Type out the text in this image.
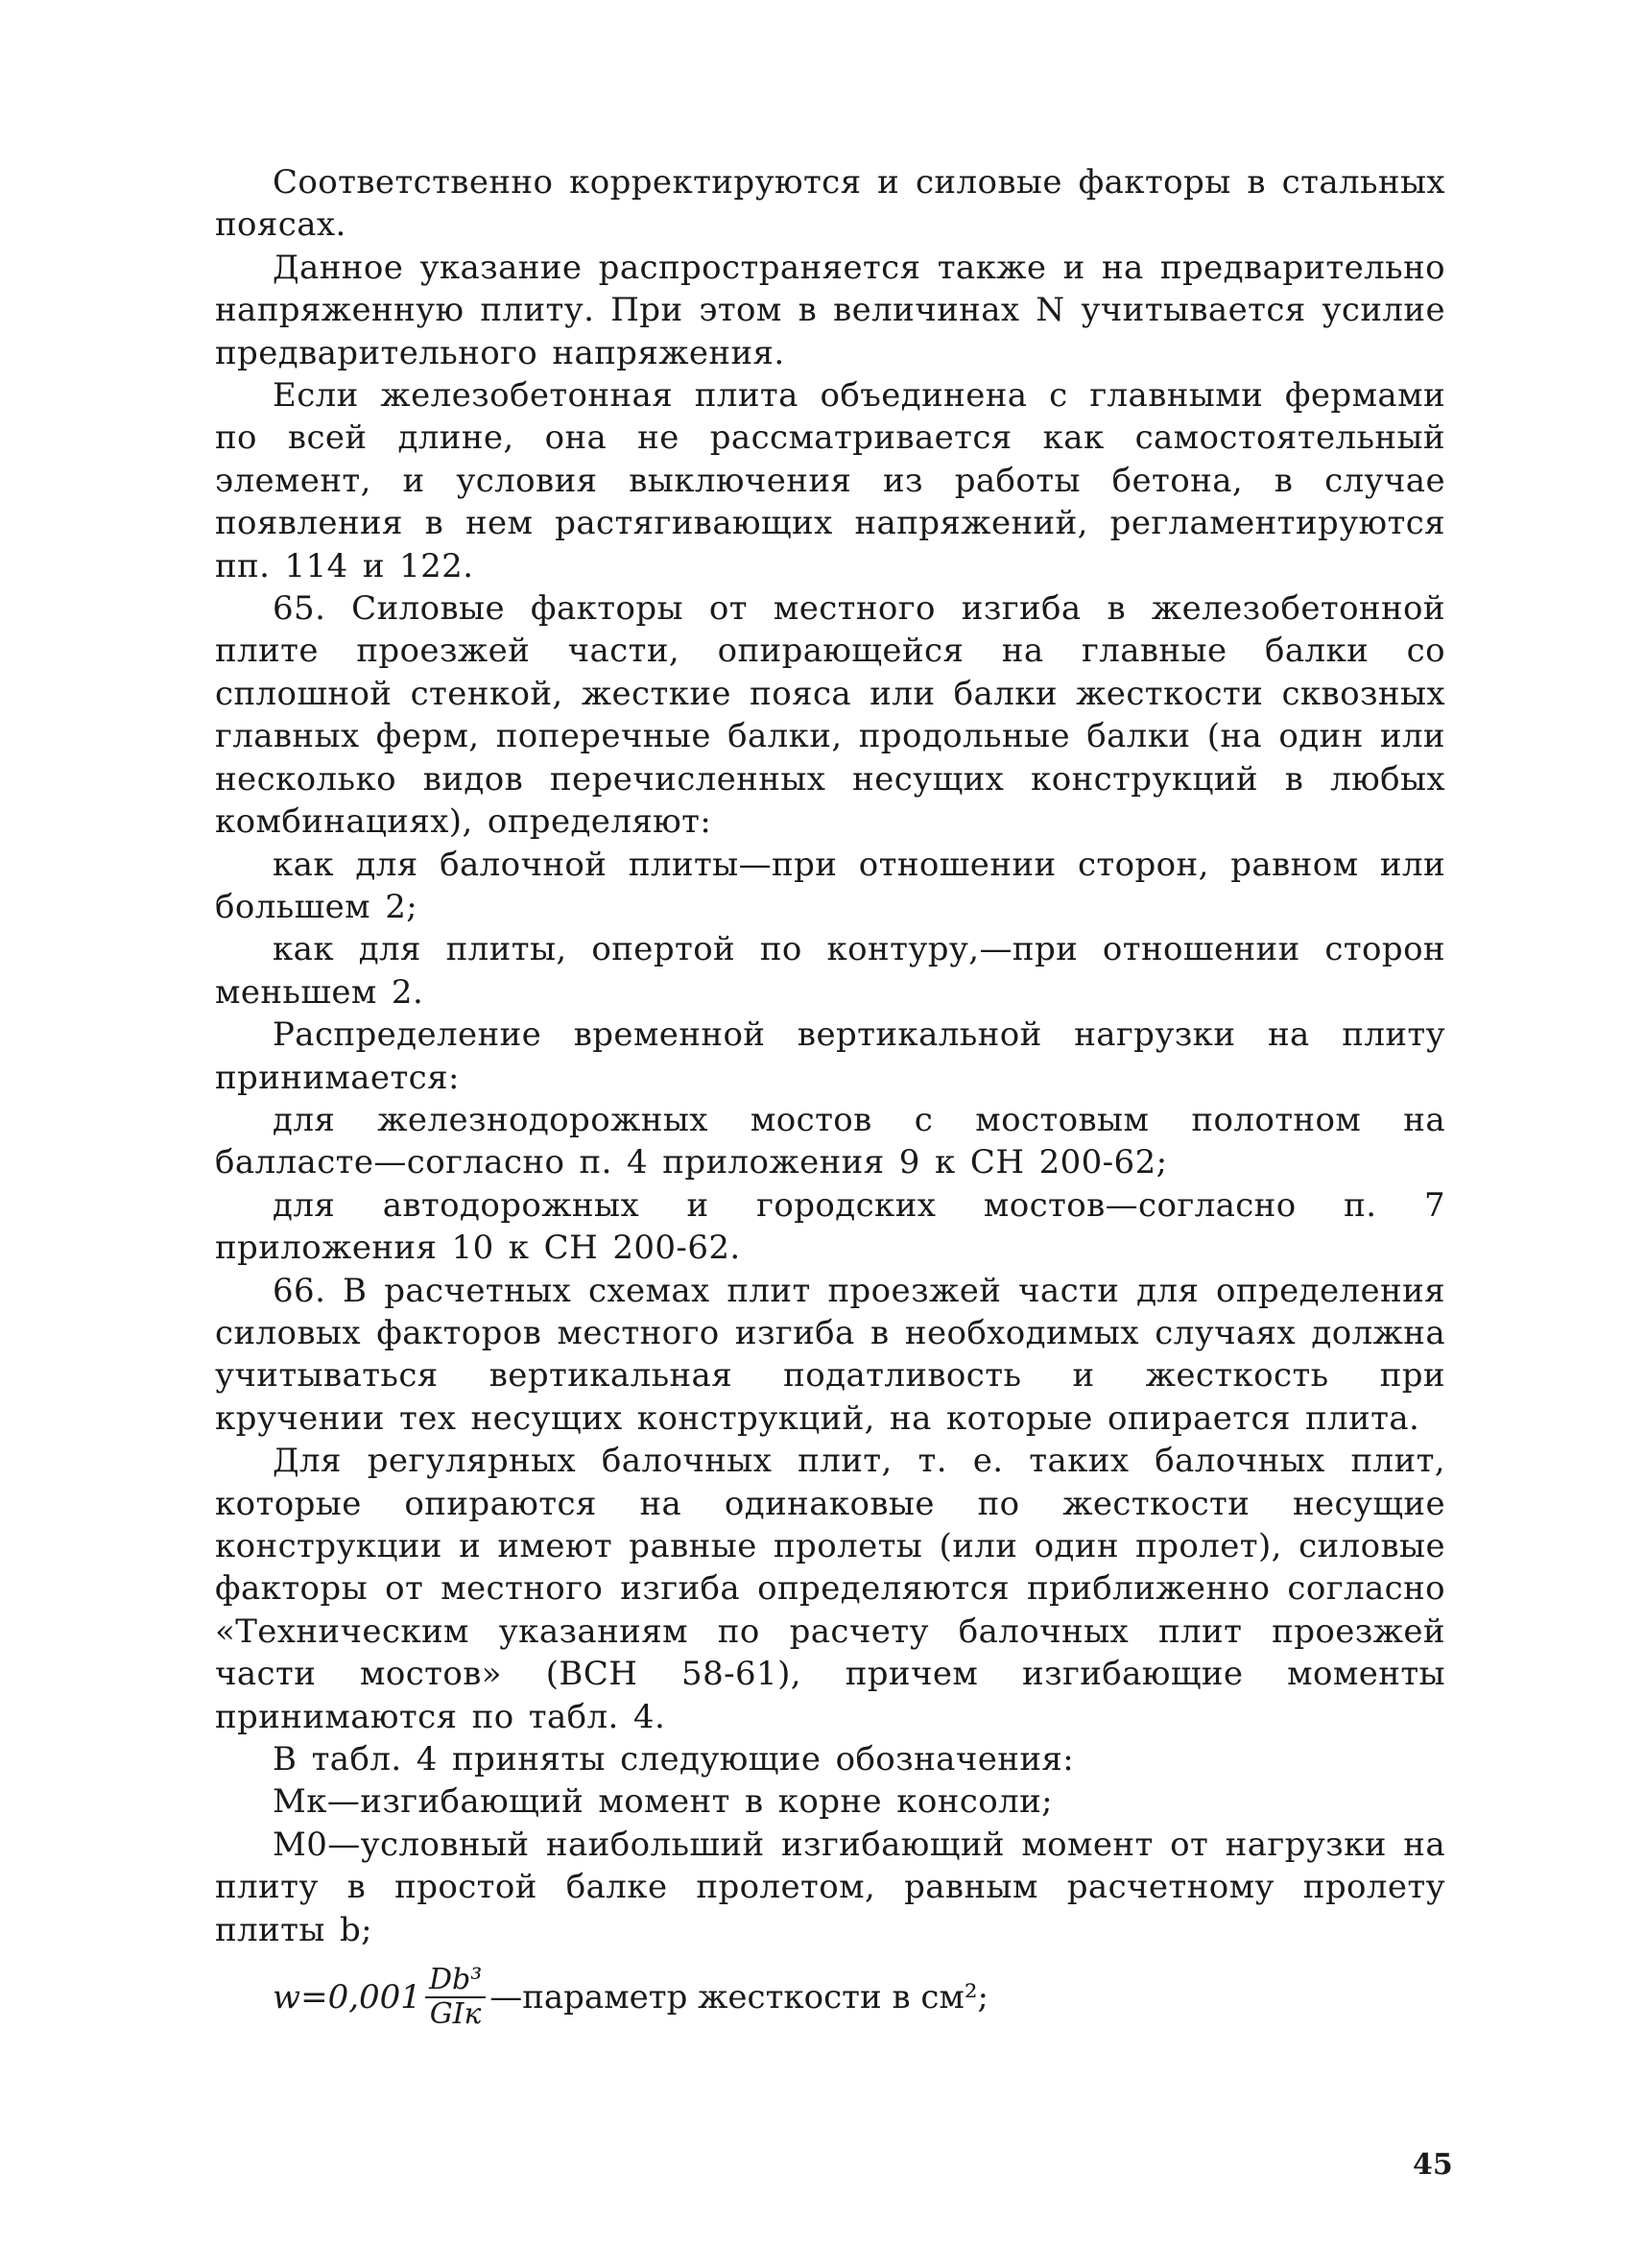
Соответственно корректируются и силовые факторы в стальных поясах.

Данное указание распространяется также и на предварительно напряженную плиту. При этом в величинах N учитывается усилие предварительного напряжения.

Если железобетонная плита объединена с главными фермами по всей длине, она не рассматривается как самостоятельный элемент, и условия выключения из работы бетона, в случае появления в нем растягивающих напряжений, регламентируются пп. 114 и 122.

65. Силовые факторы от местного изгиба в железобетонной плите проезжей части, опирающейся на главные балки со сплошной стенкой, жесткие пояса или балки жесткости сквозных главных ферм, поперечные балки, продольные балки (на один или несколько видов перечисленных несущих конструкций в любых комбинациях), определяют:

как для балочной плиты—при отношении сторон, равном или большем 2;

как для плиты, опертой по контуру,—при отношении сторон меньшем 2.

Распределение временной вертикальной нагрузки на плиту принимается:

для железнодорожных мостов с мостовым полотном на балласте—согласно п. 4 приложения 9 к СН 200-62;

для автодорожных и городских мостов—согласно п. 7 приложения 10 к СН 200-62.

66. В расчетных схемах плит проезжей части для определения силовых факторов местного изгиба в необходимых случаях должна учитываться вертикальная податливость и жесткость при кручении тех несущих конструкций, на которые опирается плита.

Для регулярных балочных плит, т. е. таких балочных плит, которые опираются на одинаковые по жесткости несущие конструкции и имеют равные пролеты (или один пролет), силовые факторы от местного изгиба определяются приближенно согласно «Техническим указаниям по расчету балочных плит проезжей части мостов» (ВСН 58-61), причем изгибающие моменты принимаются по табл. 4.

В табл. 4 приняты следующие обозначения:

Mк—изгибающий момент в корне консоли;

M0—условный наибольший изгибающий момент от нагрузки на плиту в простой балке пролетом, равным расчетному пролету плиты b;

$w=0,001 \frac{\text{Db³}}{\text{GIк}}$ —параметр жесткости в см²;
45
